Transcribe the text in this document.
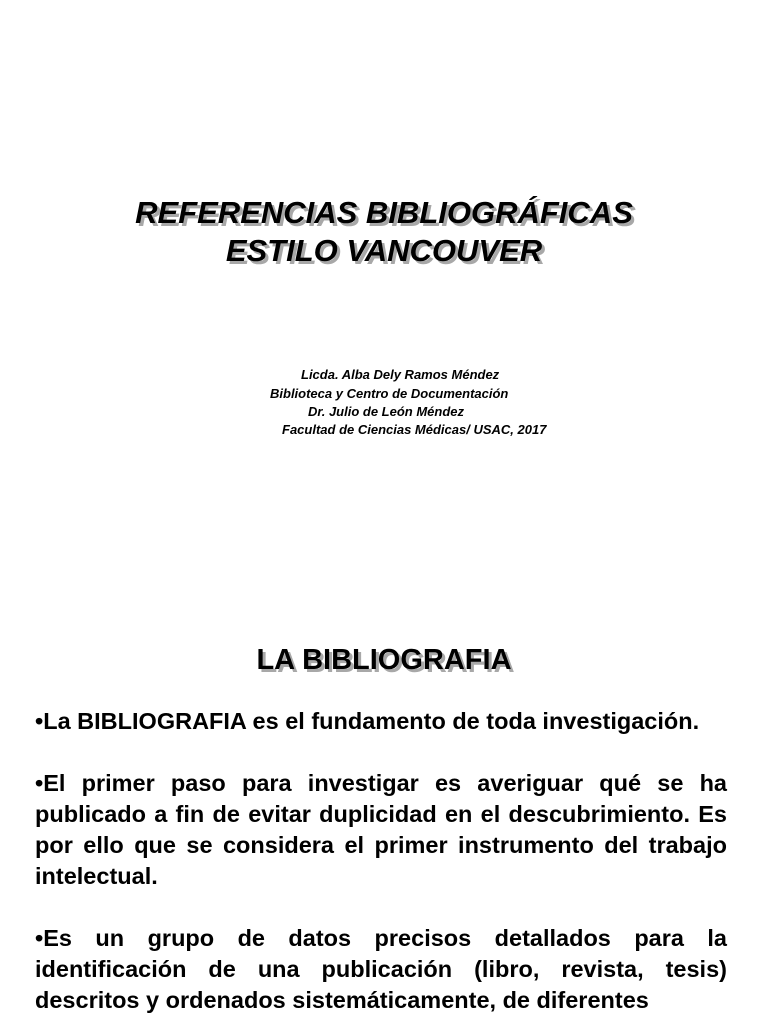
REFERENCIAS BIBLIOGRÁFICAS
ESTILO VANCOUVER
Licda. Alba Dely Ramos Méndez
Biblioteca y Centro de Documentación
Dr. Julio de León Méndez
Facultad de Ciencias Médicas/ USAC, 2017
LA BIBLIOGRAFIA

•La BIBLIOGRAFIA es el fundamento de toda investigación.

•El primer paso para investigar es averiguar qué se ha publicado a fin de evitar duplicidad en el descubrimiento. Es por ello que se considera el primer instrumento del trabajo intelectual.

•Es un grupo de datos precisos detallados para la identificación de una publicación (libro, revista, tesis) descritos y ordenados sistemáticamente, de diferentes
